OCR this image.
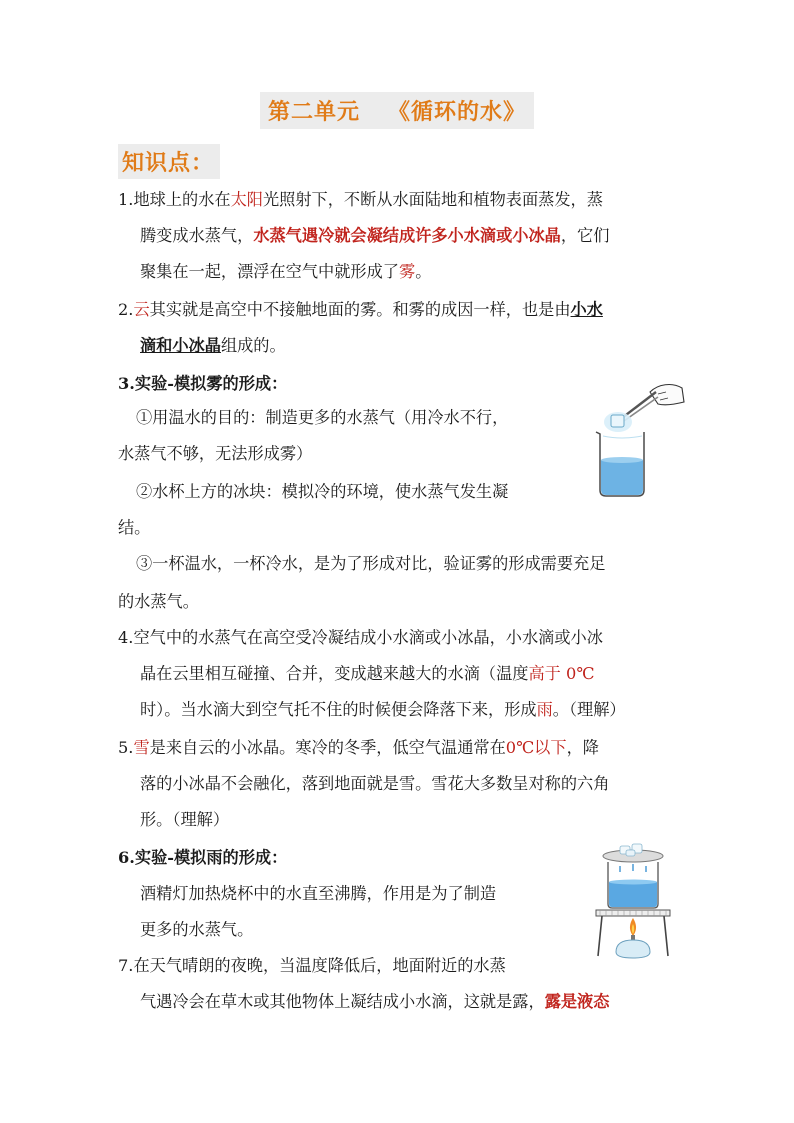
第二单元 《循环的水》
知识点：
1.地球上的水在太阳光照射下，不断从水面陆地和植物表面蒸发，蒸
腾变成水蒸气，水蒸气遇冷就会凝结成许多小水滴或小冰晶，它们
聚集在一起，漂浮在空气中就形成了雾。
2.云其实就是高空中不接触地面的雾。和雾的成因一样，也是由小水
滴和小冰晶组成的。
3.实验-模拟雾的形成：
①用温水的目的：制造更多的水蒸气（用冷水不行，
水蒸气不够，无法形成雾）
②水杯上方的冰块：模拟冷的环境，使水蒸气发生凝
结。
③一杯温水，一杯冷水，是为了形成对比，验证雾的形成需要充足
的水蒸气。
4.空气中的水蒸气在高空受冷凝结成小水滴或小冰晶，小水滴或小冰
晶在云里相互碰撞、合并，变成越来越大的水滴（温度高于 0℃
时）。当水滴大到空气托不住的时候便会降落下来，形成雨。（理解）
5.雪是来自云的小冰晶。寒冷的冬季，低空气温通常在0℃以下，降
落的小冰晶不会融化，落到地面就是雪。雪花大多数呈对称的六角
形。（理解）
6.实验-模拟雨的形成：
酒精灯加热烧杯中的水直至沸腾，作用是为了制造
更多的水蒸气。
7.在天气晴朗的夜晚，当温度降低后，地面附近的水蒸
气遇冷会在草木或其他物体上凝结成小水滴，这就是露，露是液态
